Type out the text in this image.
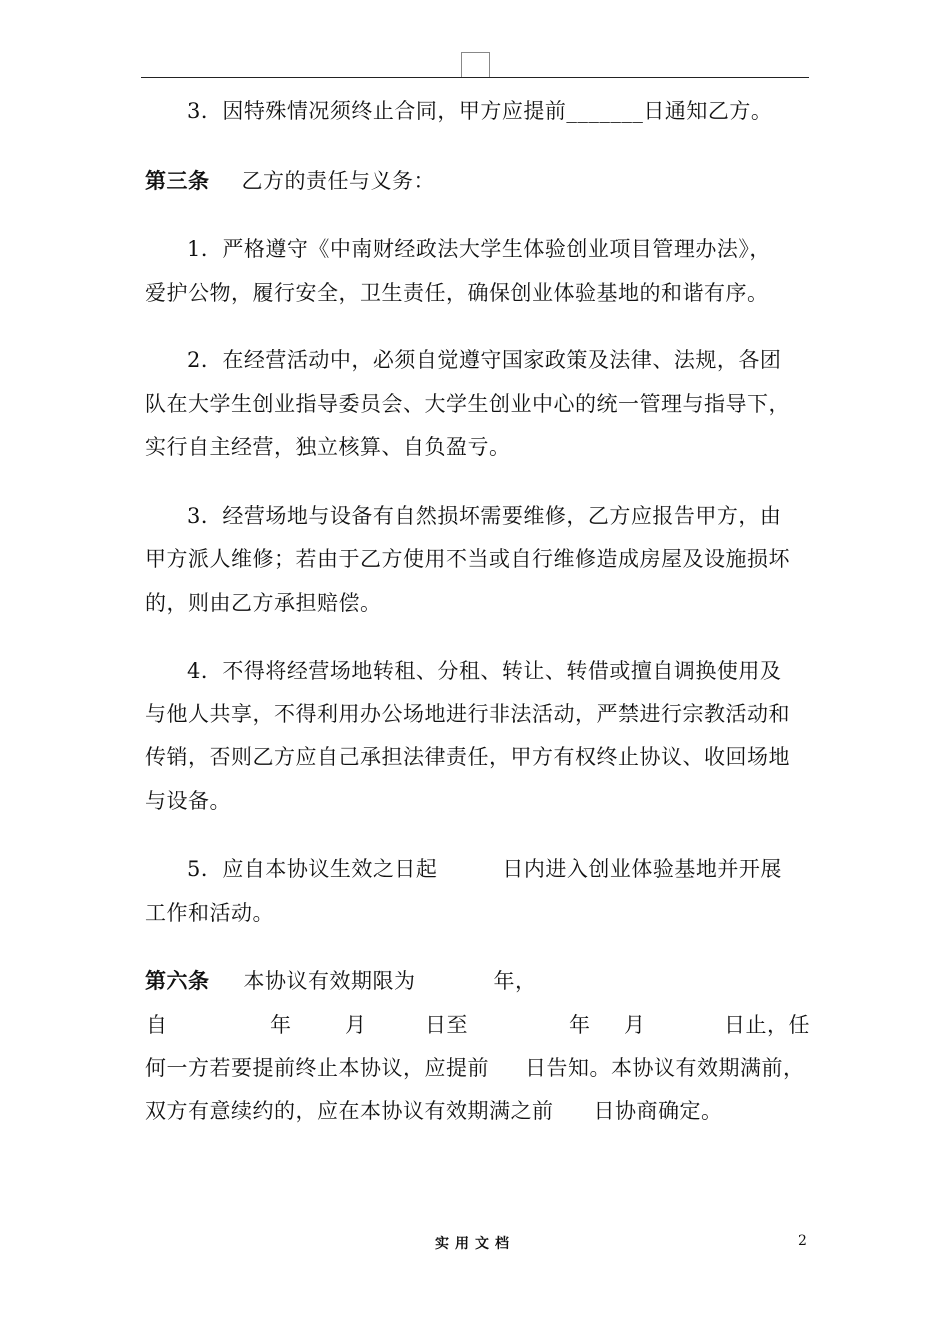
3．因特殊情况须终止合同，甲方应提前_______日通知乙方。
第三条 乙方的责任与义务：
1．严格遵守《中南财经政法大学生体验创业项目管理办法》，
爱护公物，履行安全，卫生责任，确保创业体验基地的和谐有序。
2．在经营活动中，必须自觉遵守国家政策及法律、法规，各团
队在大学生创业指导委员会、大学生创业中心的统一管理与指导下，
实行自主经营，独立核算、自负盈亏。
3．经营场地与设备有自然损坏需要维修，乙方应报告甲方，由
甲方派人维修；若由于乙方使用不当或自行维修造成房屋及设施损坏
的，则由乙方承担赔偿。
4．不得将经营场地转租、分租、转让、转借或擅自调换使用及
与他人共享，不得利用办公场地进行非法活动，严禁进行宗教活动和
传销，否则乙方应自己承担法律责任，甲方有权终止协议、收回场地
与设备。
5．应自本协议生效之日起	日内进入创业体验基地并开展
工作和活动。
第六条 本协议有效期限为	年，
自	年	月	日至	年 月	日止，任
何一方若要提前终止本协议，应提前 日告知。本协议有效期满前，
双方有意续约的，应在本协议有效期满之前 日协商确定。
实用文档	2
